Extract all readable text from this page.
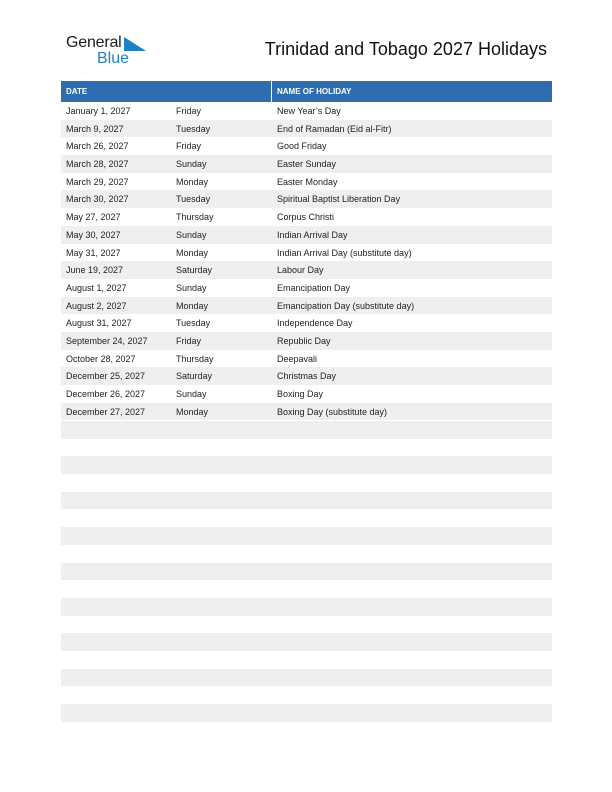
General
Blue	Trinidad and Tobago 2027 Holidays
DATE	NAME OF HOLIDAY
January 1, 2027	Friday	New Year’s Day
March 9, 2027	Tuesday	End of Ramadan (Eid al-Fitr)
March 26, 2027	Friday	Good Friday
March 28, 2027	Sunday	Easter Sunday
March 29, 2027	Monday	Easter Monday
March 30, 2027	Tuesday	Spiritual Baptist Liberation Day
May 27, 2027	Thursday	Corpus Christi
May 30, 2027	Sunday	Indian Arrival Day
May 31, 2027	Monday	Indian Arrival Day (substitute day)
June 19, 2027	Saturday	Labour Day
August 1, 2027	Sunday	Emancipation Day
August 2, 2027	Monday	Emancipation Day (substitute day)
August 31, 2027	Tuesday	Independence Day
September 24, 2027	Friday	Republic Day
October 28, 2027	Thursday	Deepavali
December 25, 2027	Saturday	Christmas Day
December 26, 2027	Sunday	Boxing Day
December 27, 2027	Monday	Boxing Day (substitute day)
